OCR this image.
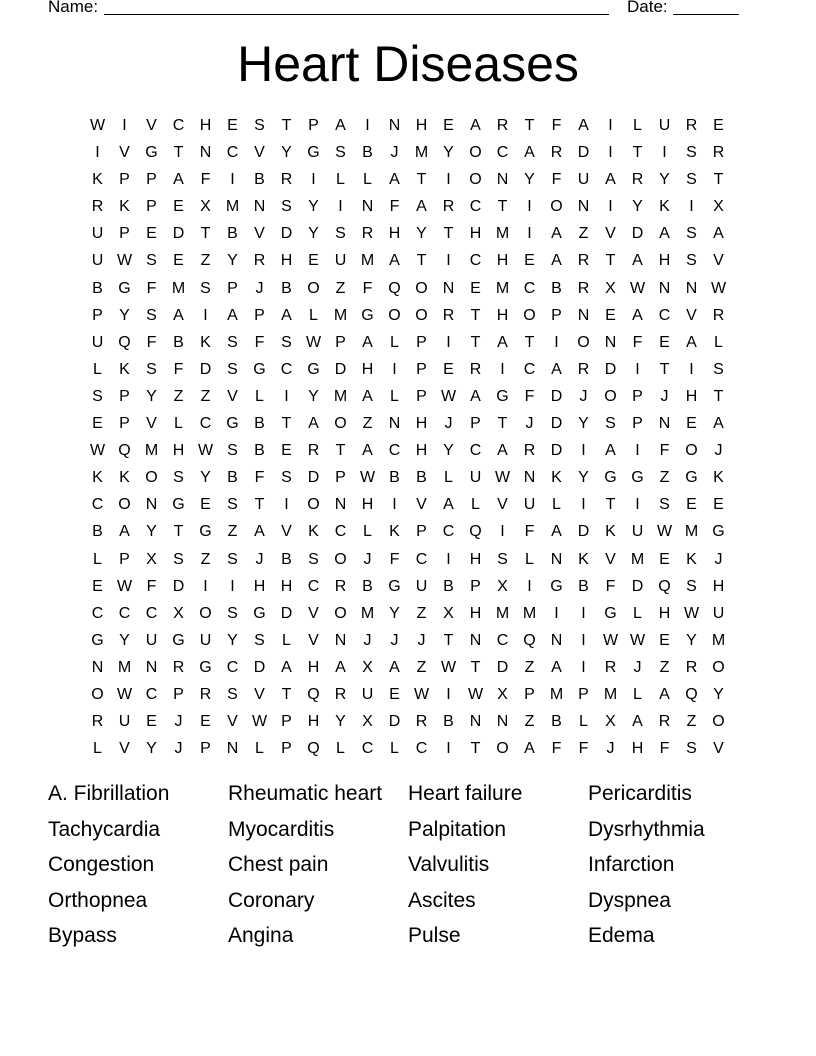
Name:	Date:
Heart Diseases
W	I	V C H E	S	T	P	A	I	N H E	A R	T	F	A	I	L	U R E
I	V G T	N C V	Y G S	B	J	M Y O C A R D	I	T	I	S R
K	P	P	A	F	I	B R	I	L	L	A	T	I	O N Y	F	U A R Y	S	T
R K	P	E	X M N S	Y	I	N	F	A R C	T	I	O N	I	Y	K	I	X
U P	E D	T	B	V D Y	S R H Y	T	H M	I	A	Z	V D A	S	A
U W S	E	Z	Y R H E U M A	T	I	C H E	A R	T	A H S	V
B G F M S	P	J	B O Z	F Q O N E M C B R X W N N W
P	Y	S	A	I	A	P	A	L M G O O R	T	H O P N E	A C V R
U Q F	B	K	S	F	S W P	A	L	P	I	T	A	T	I	O N	F	E	A	L
L	K	S	F	D S G C G D H	I	P	E R	I	C A R D	I	T	I	S
S	P	Y	Z	Z	V	L	I	Y M A	L	P W A G F	D	J	O P	J	H	T
E	P	V	L	C G B	T	A O Z	N H	J	P	T	J	D Y	S	P N E	A
W Q M H W S	B	E R	T	A C H Y C A R D	I	A	I	F O	J
K	K O S	Y	B	F	S D P W B	B	L	U W N K	Y G G Z G K
C O N G E	S	T	I	O N H	I	V	A	L	V U	L	I	T	I	S	E	E
B	A	Y	T G Z	A	V	K C	L	K	P C Q	I	F	A D K U W M G
L	P	X	S	Z	S	J	B	S O	J	F	C	I	H S	L	N K	V M E	K	J
E W F	D	I	I	H H C R B G U B	P	X	I	G B	F	D Q S H
C C C X O S G D V O M Y	Z	X H M M	I	I	G	L	H W U
G Y U G U Y	S	L	V N	J	J	J	T	N C Q N	I	W W E	Y M
N M N R G C D A H A	X	A	Z W T	D	Z	A	I	R	J	Z	R O
O W C P R S	V	T Q R U E W	I	W X	P M P M L	A Q Y
R U E	J	E	V W P H Y	X D R B N N	Z	B	L	X	A R	Z O
L	V	Y	J	P N	L	P Q	L	C	L	C	I	T O A	F	F	J	H	F	S	V
A. Fibrillation	Rheumatic heart	Heart failure	Pericarditis
Tachycardia	Myocarditis	Palpitation	Dysrhythmia
Congestion	Chest pain	Valvulitis	Infarction
Orthopnea	Coronary	Ascites	Dyspnea
Bypass	Angina	Pulse	Edema
